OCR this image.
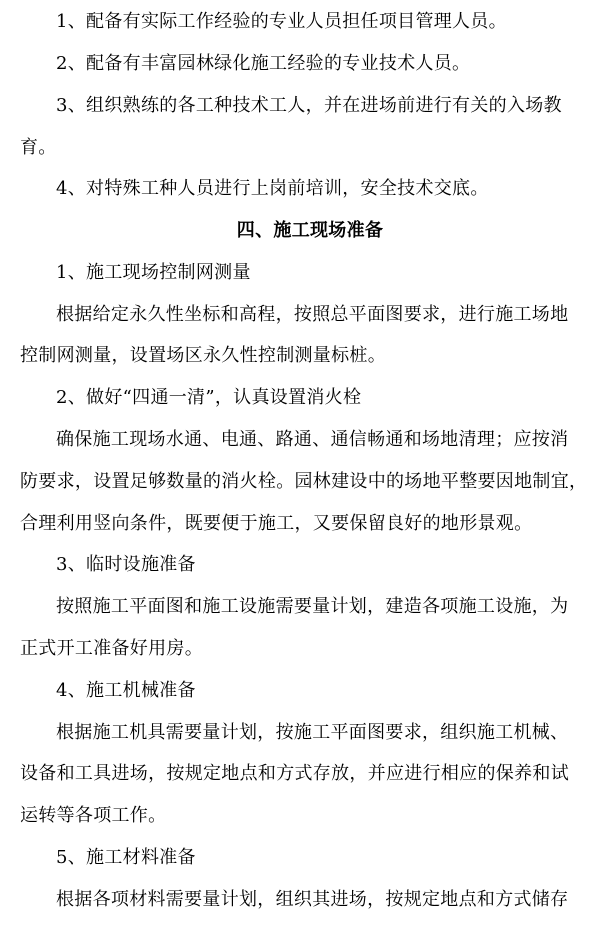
1、配备有实际工作经验的专业人员担任项目管理人员。
2、配备有丰富园林绿化施工经验的专业技术人员。
3、组织熟练的各工种技术工人，并在进场前进行有关的入场教
育。
4、对特殊工种人员进行上岗前培训，安全技术交底。
四、施工现场准备
1、施工现场控制网测量
根据给定永久性坐标和高程，按照总平面图要求，进行施工场地
控制网测量，设置场区永久性控制测量标桩。
2、做好“四通一清”，认真设置消火栓
确保施工现场水通、电通、路通、通信畅通和场地清理；应按消
防要求，设置足够数量的消火栓。园林建设中的场地平整要因地制宜，
合理利用竖向条件，既要便于施工，又要保留良好的地形景观。
3、临时设施准备
按照施工平面图和施工设施需要量计划，建造各项施工设施，为
正式开工准备好用房。
4、施工机械准备
根据施工机具需要量计划，按施工平面图要求，组织施工机械、
设备和工具进场，按规定地点和方式存放，并应进行相应的保养和试
运转等各项工作。
5、施工材料准备
根据各项材料需要量计划，组织其进场，按规定地点和方式储存
